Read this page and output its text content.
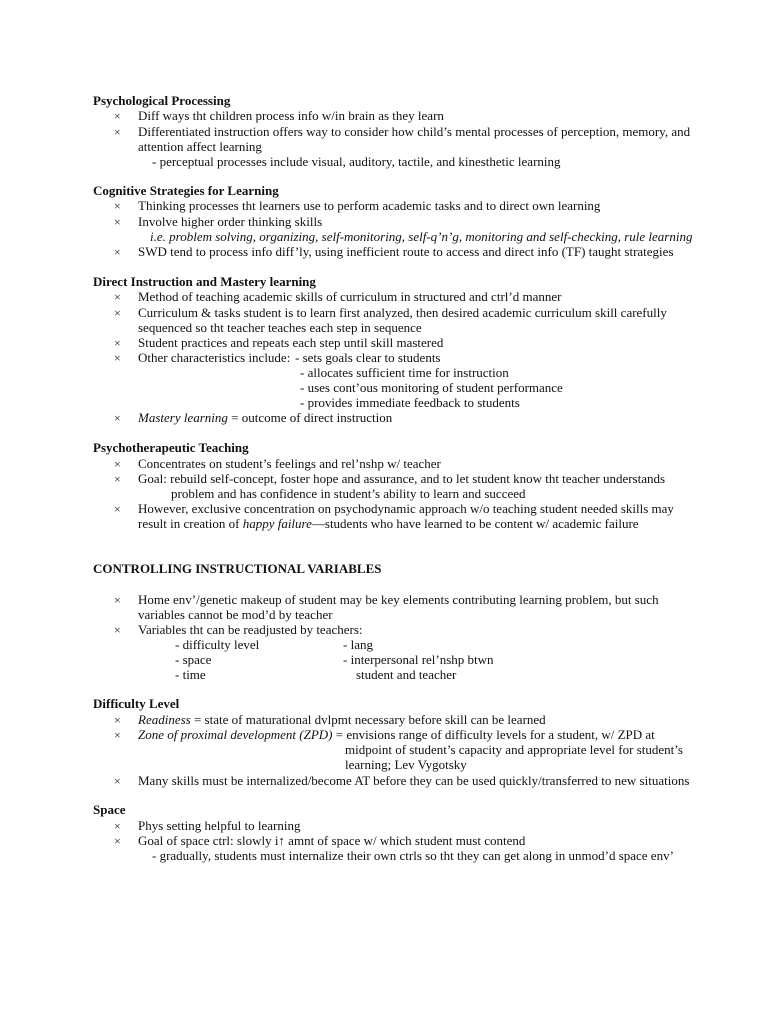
Psychological Processing
× Diff ways tht children process info w/in brain as they learn
× Differentiated instruction offers way to consider how child’s mental processes of perception, memory, and
attention affect learning
- perceptual processes include visual, auditory, tactile, and kinesthetic learning
Cognitive Strategies for Learning
× Thinking processes tht learners use to perform academic tasks and to direct own learning
× Involve higher order thinking skills
i.e. problem solving, organizing, self-monitoring, self-q’n’g, monitoring and self-checking, rule learning
× SWD tend to process info diff’ly, using inefficient route to access and direct info (TF) taught strategies
Direct Instruction and Mastery learning
× Method of teaching academic skills of curriculum in structured and ctrl’d manner
× Curriculum & tasks student is to learn first analyzed, then desired academic curriculum skill carefully
sequenced so tht teacher teaches each step in sequence
× Student practices and repeats each step until skill mastered
× Other characteristics include: - sets goals clear to students
- allocates sufficient time for instruction
- uses cont’ous monitoring of student performance
- provides immediate feedback to students
× Mastery learning = outcome of direct instruction
Psychotherapeutic Teaching
× Concentrates on student’s feelings and rel’nshp w/ teacher
× Goal: rebuild self-concept, foster hope and assurance, and to let student know tht teacher understands
problem and has confidence in student’s ability to learn and succeed
× However, exclusive concentration on psychodynamic approach w/o teaching student needed skills may
result in creation of happy failure—students who have learned to be content w/ academic failure
CONTROLLING INSTRUCTIONAL VARIABLES
× Home env’/genetic makeup of student may be key elements contributing learning problem, but such
variables cannot be mod’d by teacher
× Variables tht can be readjusted by teachers:
- difficulty level
- space
- time
- lang
- interpersonal rel’nshp btwn
student and teacher
Difficulty Level
× Readiness = state of maturational dvlpmt necessary before skill can be learned
× Zone of proximal development (ZPD) = envisions range of difficulty levels for a student, w/ ZPD at
midpoint of student’s capacity and appropriate level for student’s
learning; Lev Vygotsky
× Many skills must be internalized/become AT before they can be used quickly/transferred to new situations
Space
× Phys setting helpful to learning
× Goal of space ctrl: slowly i↑ amnt of space w/ which student must contend
- gradually, students must internalize their own ctrls so tht they can get along in unmod’d space env’
